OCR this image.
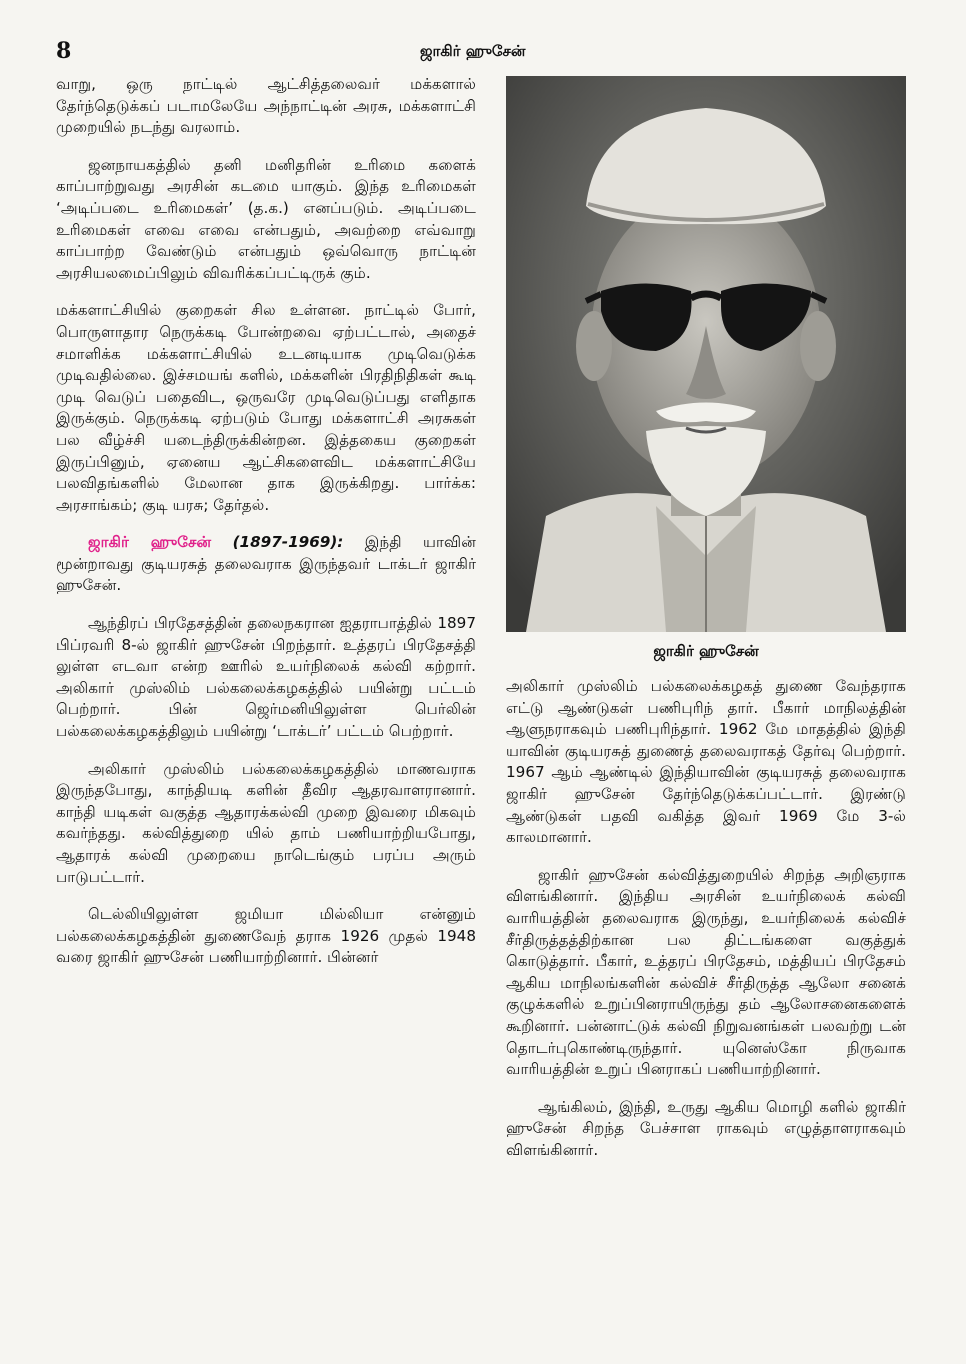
8	ஜாகிர் ஹுசேன்

வாறு, ஒரு நாட்டில் ஆட்சித்தலைவர் மக்களால் தேர்ந்தெடுக்கப் படாமலேயே அந்நாட்டின் அரசு, மக்களாட்சி முறையில் நடந்து வரலாம்.

ஜனநாயகத்தில் தனி மனிதரின் உரிமை களைக் காப்பாற்றுவது அரசின் கடமை யாகும். இந்த உரிமைகள் ‘அடிப்படை உரிமைகள்’ (த.க.) எனப்படும். அடிப்படை உரிமைகள் எவை எவை என்பதும், அவற்றை எவ்வாறு காப்பாற்ற வேண்டும் என்பதும் ஒவ்வொரு நாட்டின் அரசியலமைப்பிலும் விவரிக்கப்பட்டிருக் கும்.

மக்களாட்சியில் குறைகள் சில உள்ளன. நாட்டில் போர், பொருளாதார நெருக்கடி போன்றவை ஏற்பட்டால், அதைச் சமாளிக்க மக்களாட்சியில் உடனடியாக முடிவெடுக்க முடிவதில்லை. இச்சமயங் களில், மக்களின் பிரதிநிதிகள் கூடி முடி வெடுப் பதைவிட, ஒருவரே முடிவெடுப்பது எளிதாக இருக்கும். நெருக்கடி ஏற்படும் போது மக்களாட்சி அரசுகள் பல வீழ்ச்சி யடைந்திருக்கின்றன. இத்தகைய குறைகள் இருப்பினும், ஏனைய ஆட்சிகளைவிட மக்களாட்சியே பலவிதங்களில் மேலான தாக இருக்கிறது. பார்க்க: அரசாங்கம்; குடி யரசு; தேர்தல்.

ஜாகிர் ஹுசேன் (1897-1969): இந்தி யாவின் மூன்றாவது குடியரசுத் தலைவராக இருந்தவர் டாக்டர் ஜாகிர் ஹுசேன்.

ஆந்திரப் பிரதேசத்தின் தலைநகரான ஐதராபாத்தில் 1897 பிப்ரவரி 8-ல் ஜாகிர் ஹுசேன் பிறந்தார். உத்தரப் பிரதேசத்தி லுள்ள எடவா என்ற ஊரில் உயர்நிலைக் கல்வி கற்றார். அலிகார் முஸ்லிம் பல்கலைக்கழகத்தில் பயின்று பட்டம் பெற்றார். பின் ஜெர்மனியிலுள்ள பெர்லின் பல்கலைக்கழகத்திலும் பயின்று ‘டாக்டர்’ பட்டம் பெற்றார்.

அலிகார் முஸ்லிம் பல்கலைக்கழகத்தில் மாணவராக இருந்தபோது, காந்தியடி களின் தீவிர ஆதரவாளரானார். காந்தி யடிகள் வகுத்த ஆதாரக்கல்வி முறை இவரை மிகவும் கவர்ந்தது. கல்வித்துறை யில் தாம் பணியாற்றியபோது, ஆதாரக் கல்வி முறையை நாடெங்கும் பரப்ப அரும் பாடுபட்டார்.

டெல்லியிலுள்ள ஜமியா மில்லியா என்னும் பல்கலைக்கழகத்தின் துணைவேந் தராக 1926 முதல் 1948 வரை ஜாகிர் ஹுசேன் பணியாற்றினார். பின்னர்

ஜாகிர் ஹுசேன்

அலிகார் முஸ்லிம் பல்கலைக்கழகத் துணை வேந்தராக எட்டு ஆண்டுகள் பணிபுரிந் தார். பீகார் மாநிலத்தின் ஆளுநராகவும் பணிபுரிந்தார். 1962 மே மாதத்தில் இந்தி யாவின் குடியரசுத் துணைத் தலைவராகத் தேர்வு பெற்றார். 1967 ஆம் ஆண்டில் இந்தியாவின் குடியரசுத் தலைவராக ஜாகிர் ஹுசேன் தேர்ந்தெடுக்கப்பட்டார். இரண்டு ஆண்டுகள் பதவி வகித்த இவர் 1969 மே 3-ல் காலமானார்.

ஜாகிர் ஹுசேன் கல்வித்துறையில் சிறந்த அறிஞராக விளங்கினார். இந்திய அரசின் உயர்நிலைக் கல்வி வாரியத்தின் தலைவராக இருந்து, உயர்நிலைக் கல்விச் சீர்திருத்தத்திற்கான பல திட்டங்களை வகுத்துக் கொடுத்தார். பீகார், உத்தரப் பிரதேசம், மத்தியப் பிரதேசம் ஆகிய மாநிலங்களின் கல்விச் சீர்திருத்த ஆலோ சனைக் குழுக்களில் உறுப்பினராயிருந்து தம் ஆலோசனைகளைக் கூறினார். பன்னாட்டுக் கல்வி நிறுவனங்கள் பலவற்று டன் தொடர்புகொண்டிருந்தார். யுனெஸ்கோ நிருவாக வாரியத்தின் உறுப் பினராகப் பணியாற்றினார்.

ஆங்கிலம், இந்தி, உருது ஆகிய மொழி களில் ஜாகிர் ஹுசேன் சிறந்த பேச்சாள ராகவும் எழுத்தாளராகவும் விளங்கினார்.
